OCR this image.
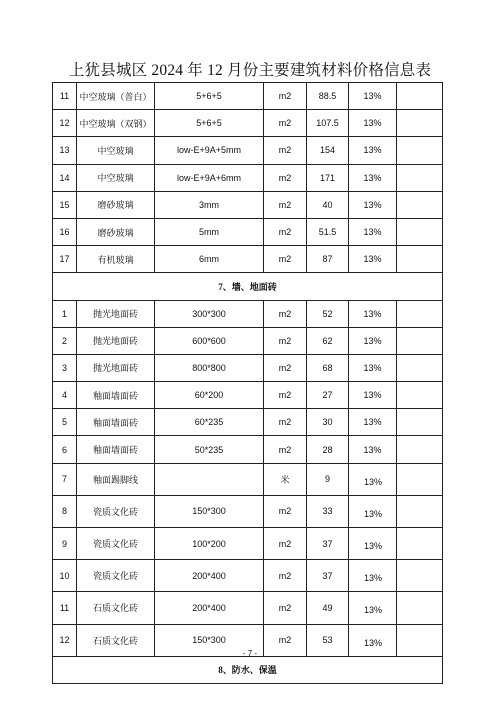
上犹县城区 2024 年 12 月份主要建筑材料价格信息表
11	中空玻璃（普白）	5+6+5	m2	88.5	13%	
12	中空玻璃（双钢）	5+6+5	m2	107.5	13%	
13	中空玻璃	low-E+9A+5mm	m2	154	13%	
14	中空玻璃	low-E+9A+6mm	m2	171	13%	
15	磨砂玻璃	3mm	m2	40	13%	
16	磨砂玻璃	5mm	m2	51.5	13%	
17	有机玻璃	6mm	m2	87	13%	
7、墙、地面砖						
1	抛光地面砖	300*300	m2	52	13%	
2	抛光地面砖	600*600	m2	62	13%	
3	抛光地面砖	800*800	m2	68	13%	
4	釉面墙面砖	60*200	m2	27	13%	
5	釉面墙面砖	60*235	m2	30	13%	
6	釉面墙面砖	50*235	m2	28	13%	
7	釉面踢脚线		米	9	13%	
8	瓷质文化砖	150*300	m2	33	13%	
9	瓷质文化砖	100*200	m2	37	13%	
10	瓷质文化砖	200*400	m2	37	13%	
11	石质文化砖	200*400	m2	49	13%	
12	石质文化砖	150*300	m2	53	13%	
8、防水、保温						
- 7 -
